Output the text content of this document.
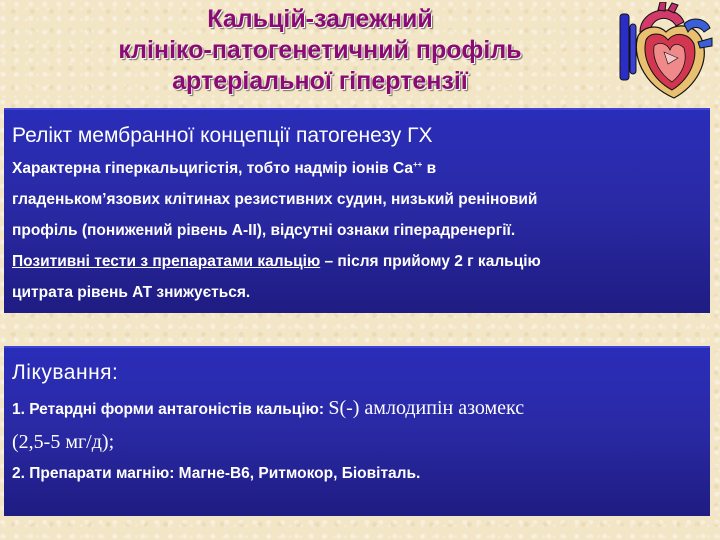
Кальцій-залежний
клініко-патогенетичний профіль
артеріальної гіпертензії
Релікт мембранної концепції патогенезу ГХ
Характерна гіперкальцигістія, тобто надмір іонів Са++ в
гладенькомʼязових клітинах резистивних судин, низький реніновий
профіль (понижений рівень А-ІІ), відсутні ознаки гіперадренергії.
Позитивні тести з препаратами кальцію – після прийому 2 г кальцію
цитрата рівень АТ знижується.
Лікування:
1. Ретардні форми антагоністів кальцію: S(-) амлодипін азомекс
(2,5-5 мг/д);
2. Препарати магнію: Магне-В6, Ритмокор, Біовіталь.
